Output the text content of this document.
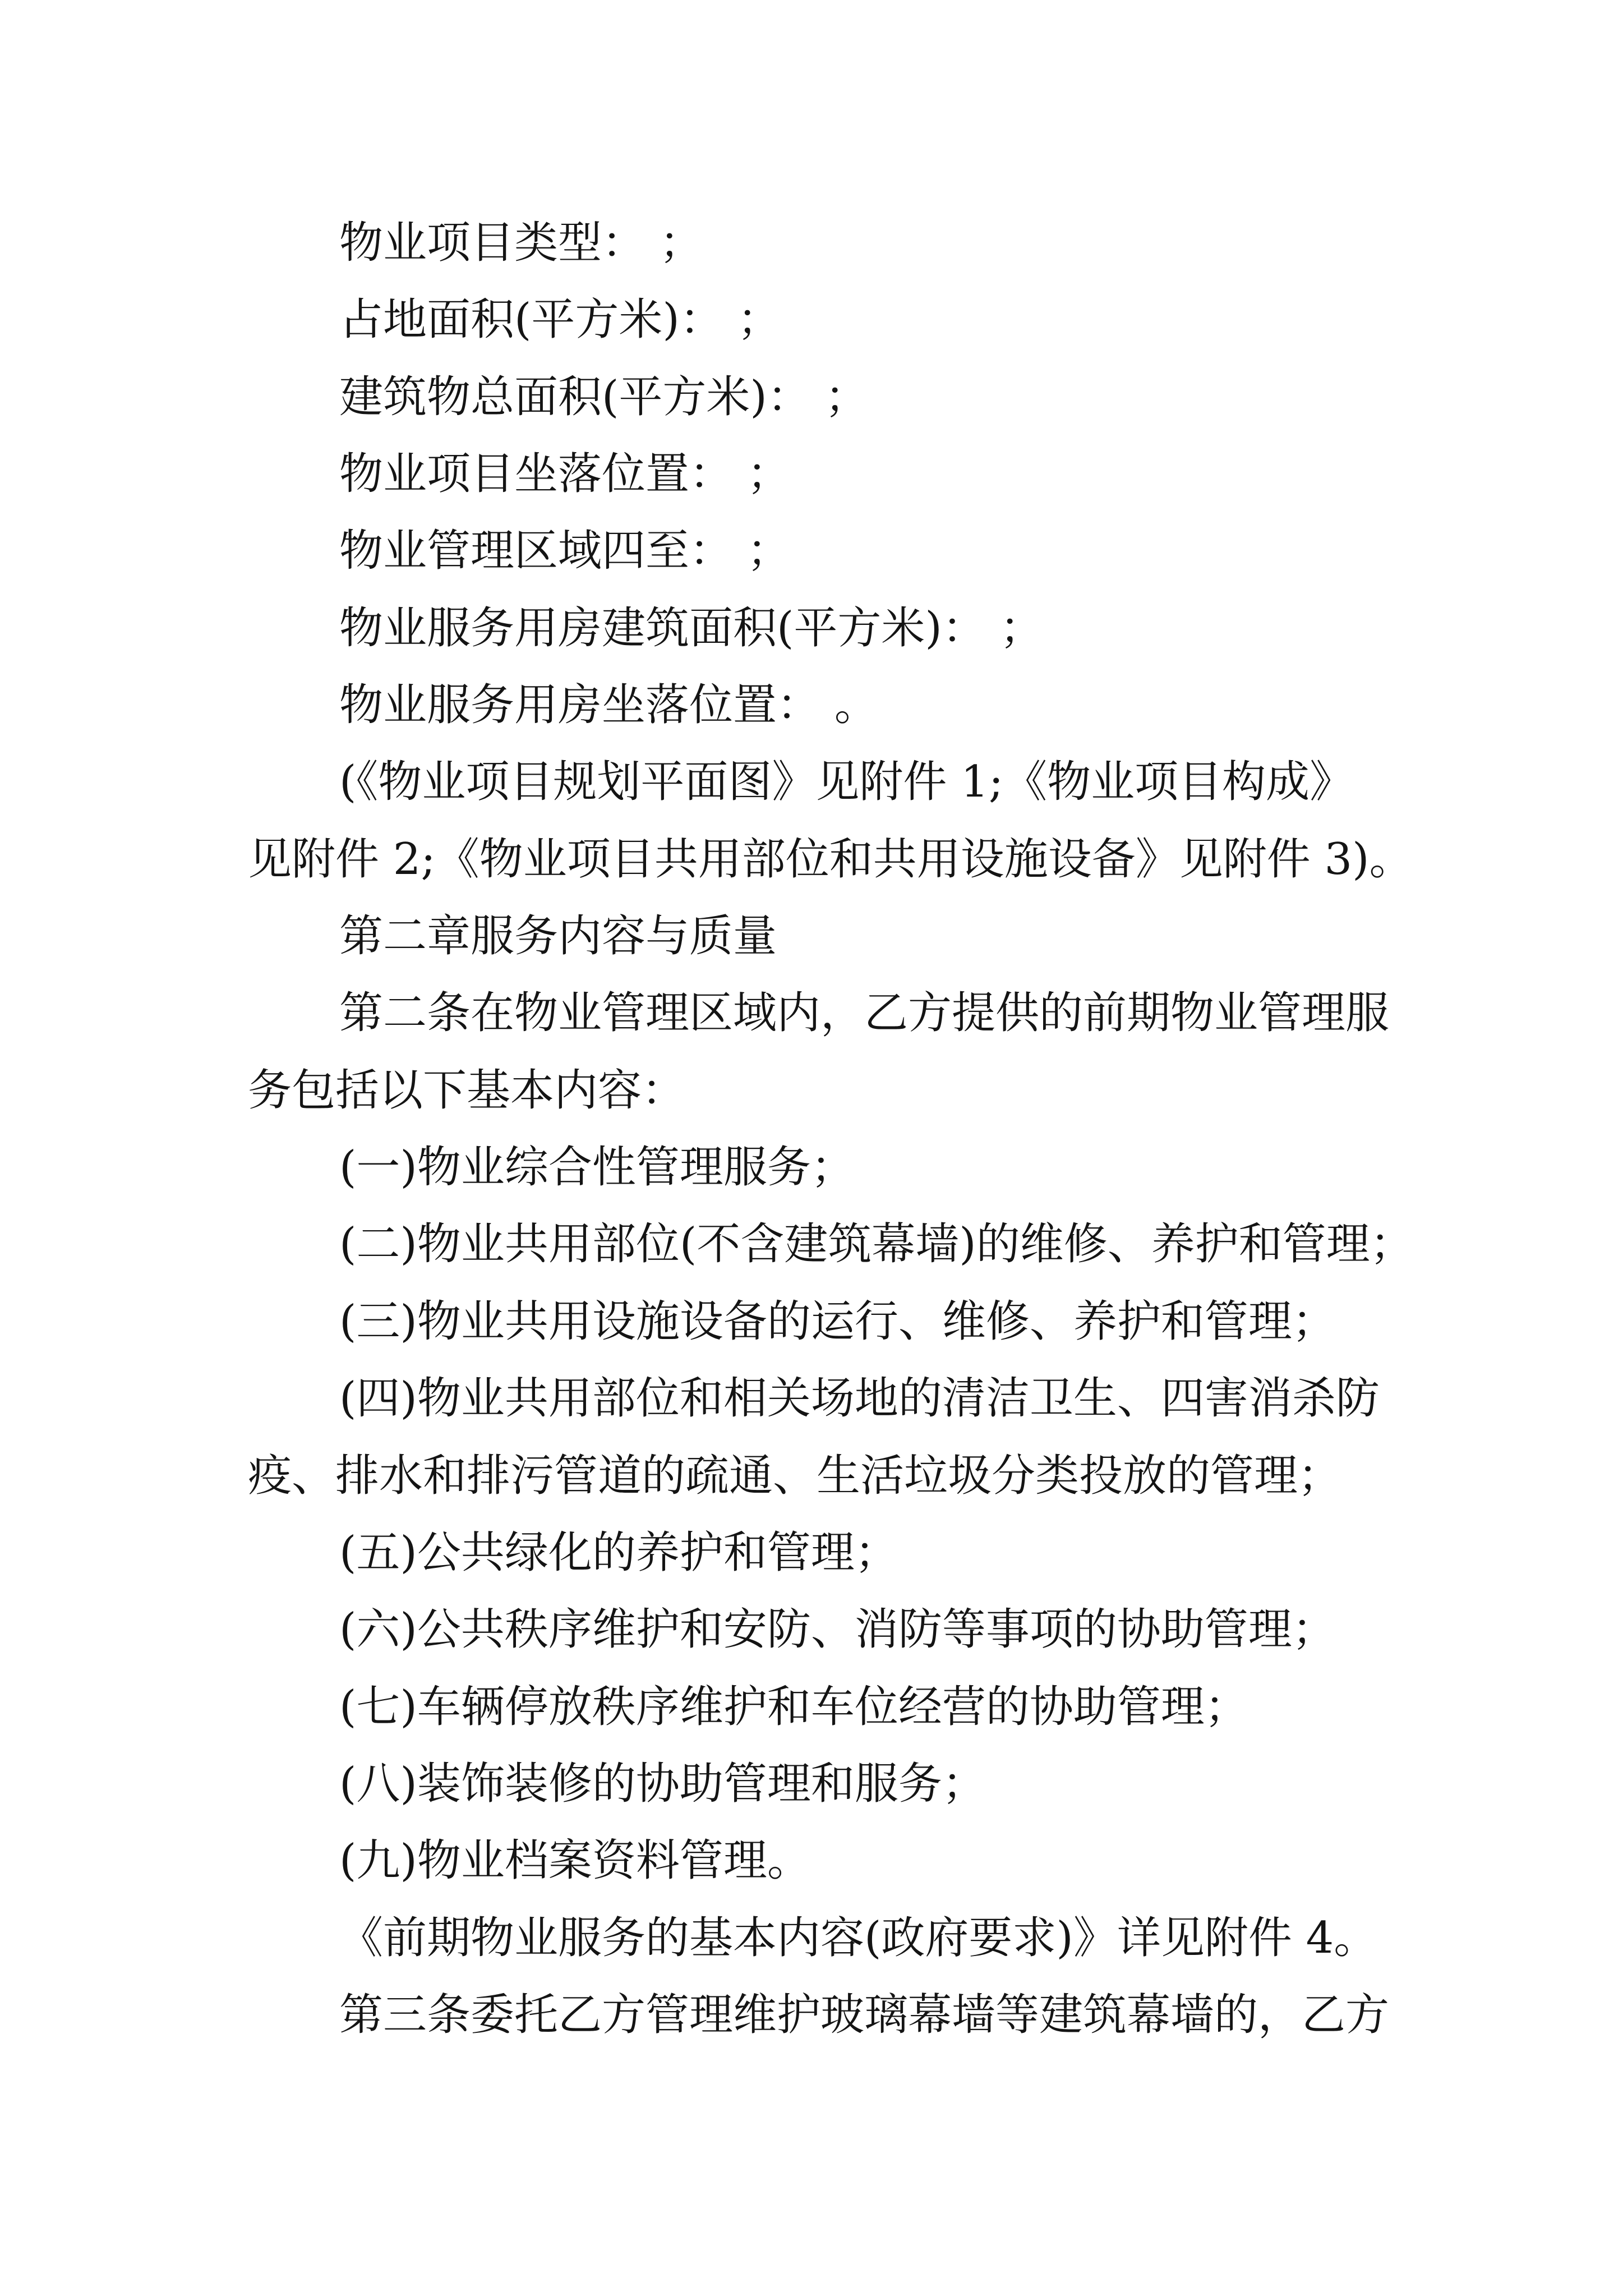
物业项目类型： ；
占地面积(平方米)： ；
建筑物总面积(平方米)： ；
物业项目坐落位置： ；
物业管理区域四至： ；
物业服务用房建筑面积(平方米)： ；
物业服务用房坐落位置： 。
(《物业项目规划平面图》见附件 1;《物业项目构成》
见附件 2;《物业项目共用部位和共用设施设备》见附件 3)。
第二章服务内容与质量
第二条在物业管理区域内，乙方提供的前期物业管理服
务包括以下基本内容：
(一)物业综合性管理服务；
(二)物业共用部位(不含建筑幕墙)的维修、养护和管理；
(三)物业共用设施设备的运行、维修、养护和管理；
(四)物业共用部位和相关场地的清洁卫生、四害消杀防
疫、排水和排污管道的疏通、生活垃圾分类投放的管理；
(五)公共绿化的养护和管理；
(六)公共秩序维护和安防、消防等事项的协助管理；
(七)车辆停放秩序维护和车位经营的协助管理；
(八)装饰装修的协助管理和服务；
(九)物业档案资料管理。
《前期物业服务的基本内容(政府要求)》详见附件 4。
第三条委托乙方管理维护玻璃幕墙等建筑幕墙的，乙方
